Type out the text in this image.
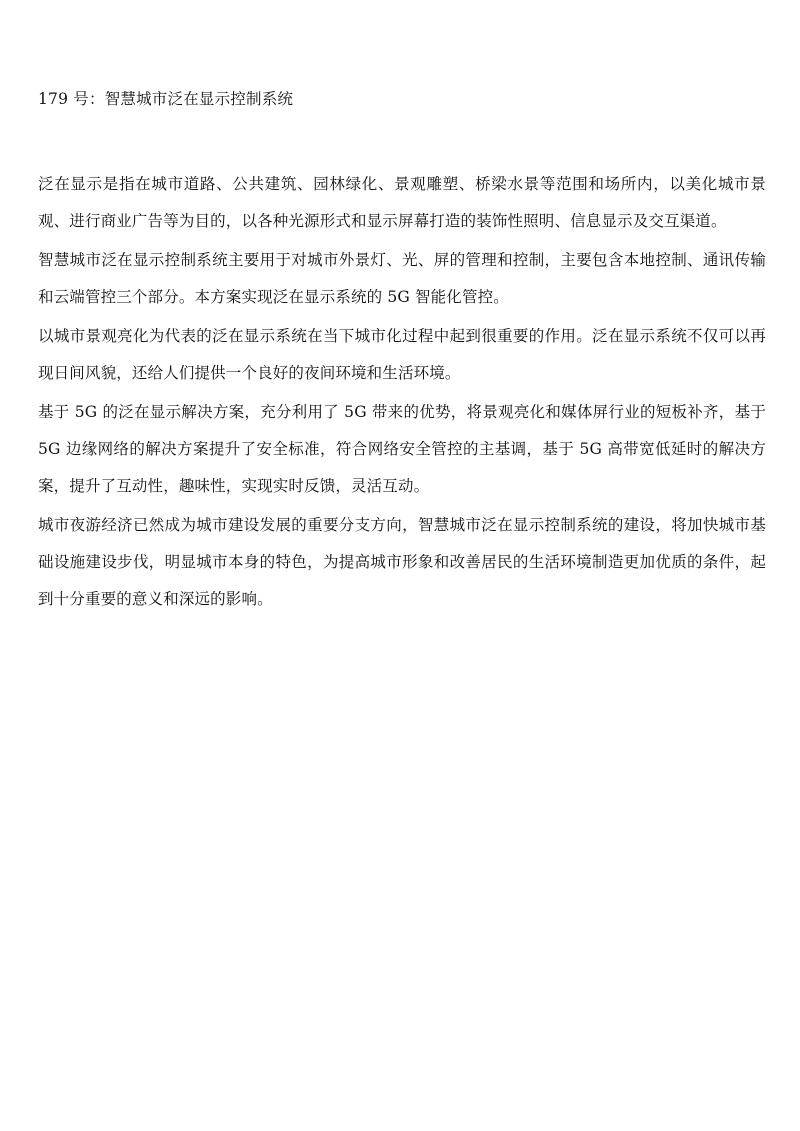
179 号：智慧城市泛在显示控制系统

泛在显示是指在城市道路、公共建筑、园林绿化、景观雕塑、桥梁水景等范围和场所内，以美化城市景观、进行商业广告等为目的，以各种光源形式和显示屏幕打造的装饰性照明、信息显示及交互渠道。

智慧城市泛在显示控制系统主要用于对城市外景灯、光、屏的管理和控制，主要包含本地控制、通讯传输和云端管控三个部分。本方案实现泛在显示系统的 5G 智能化管控。

以城市景观亮化为代表的泛在显示系统在当下城市化过程中起到很重要的作用。泛在显示系统不仅可以再现日间风貌，还给人们提供一个良好的夜间环境和生活环境。

基于 5G 的泛在显示解决方案，充分利用了 5G 带来的优势，将景观亮化和媒体屏行业的短板补齐，基于 5G 边缘网络的解决方案提升了安全标准，符合网络安全管控的主基调，基于 5G 高带宽低延时的解决方案，提升了互动性，趣味性，实现实时反馈，灵活互动。

城市夜游经济已然成为城市建设发展的重要分支方向，智慧城市泛在显示控制系统的建设，将加快城市基础设施建设步伐，明显城市本身的特色，为提高城市形象和改善居民的生活环境制造更加优质的条件，起到十分重要的意义和深远的影响。
